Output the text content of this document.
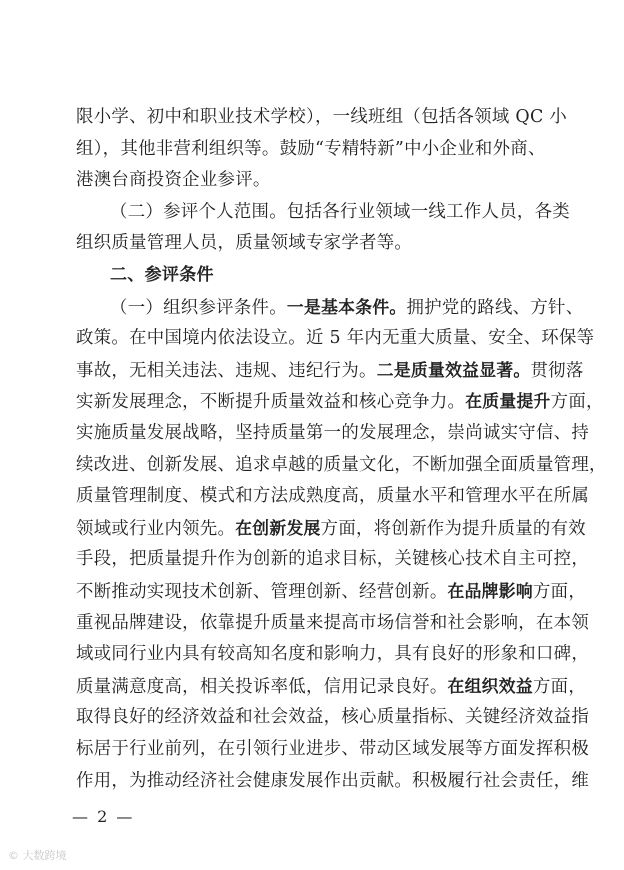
限小学、初中和职业技术学校），一线班组（包括各领域 QC 小
组），其他非营利组织等。鼓励“专精特新”中小企业和外商、
港澳台商投资企业参评。
（二）参评个人范围。包括各行业领域一线工作人员，各类
组织质量管理人员，质量领域专家学者等。
二、参评条件
（一）组织参评条件。一是基本条件。拥护党的路线、方针、
政策。在中国境内依法设立。近 5 年内无重大质量、安全、环保等
事故，无相关违法、违规、违纪行为。二是质量效益显著。贯彻落
实新发展理念，不断提升质量效益和核心竞争力。在质量提升方面，
实施质量发展战略，坚持质量第一的发展理念，崇尚诚实守信、持
续改进、创新发展、追求卓越的质量文化，不断加强全面质量管理，
质量管理制度、模式和方法成熟度高，质量水平和管理水平在所属
领域或行业内领先。在创新发展方面，将创新作为提升质量的有效
手段，把质量提升作为创新的追求目标，关键核心技术自主可控，
不断推动实现技术创新、管理创新、经营创新。在品牌影响方面，
重视品牌建设，依靠提升质量来提高市场信誉和社会影响，在本领
域或同行业内具有较高知名度和影响力，具有良好的形象和口碑，
质量满意度高，相关投诉率低，信用记录良好。在组织效益方面，
取得良好的经济效益和社会效益，核心质量指标、关键经济效益指
标居于行业前列，在引领行业进步、带动区域发展等方面发挥积极
作用，为推动经济社会健康发展作出贡献。积极履行社会责任，维
— 2 —
© 大数跨境
